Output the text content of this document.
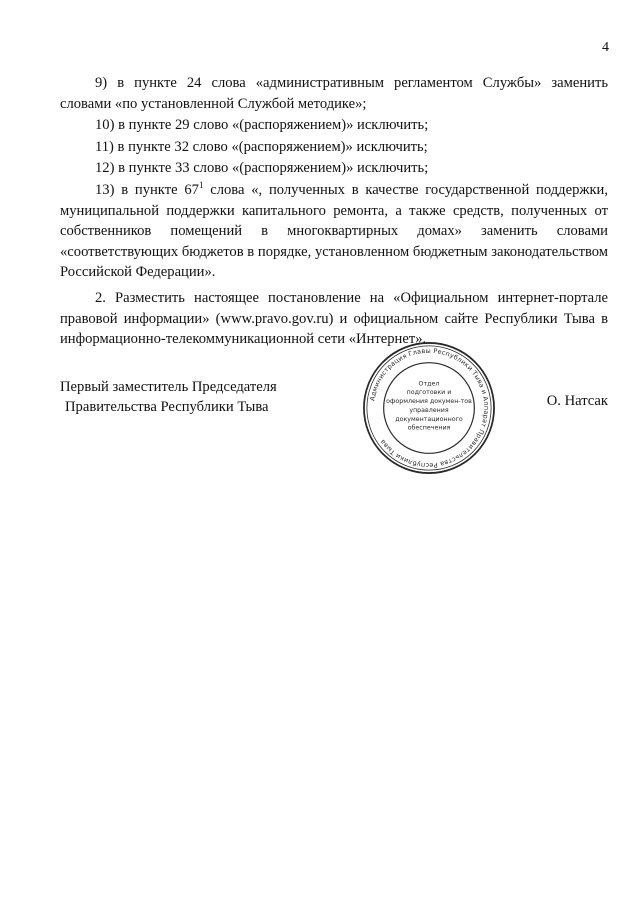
4

9) в пункте 24 слова «административным регламентом Службы» заменить словами «по установленной Службой методике»;

10) в пункте 29 слово «(распоряжением)» исключить;

11) в пункте 32 слово «(распоряжением)» исключить;

12) в пункте 33 слово «(распоряжением)» исключить;

13) в пункте $67^1$ слова «, полученных в качестве государственной поддержки, муниципальной поддержки капитального ремонта, а также средств, полученных от собственников помещений в многоквартирных домах» заменить словами «соответствующих бюджетов в порядке, установленном бюджетным законодательством Российской Федерации».

2. Разместить настоящее постановление на «Официальном интернет-портале правовой информации» (www.pravo.gov.ru) и официальном сайте Республики Тыва в информационно-телекоммуникационной сети «Интернет».

Первый заместитель Председателя
Правительства Республики Тыва
Администрация Главы Республики Тыва и Аппарат Правительства Республики Тыва
Отдел
подготовки и
оформления докумен-тов
управления
документационного
обеспечения
О. Натсак
